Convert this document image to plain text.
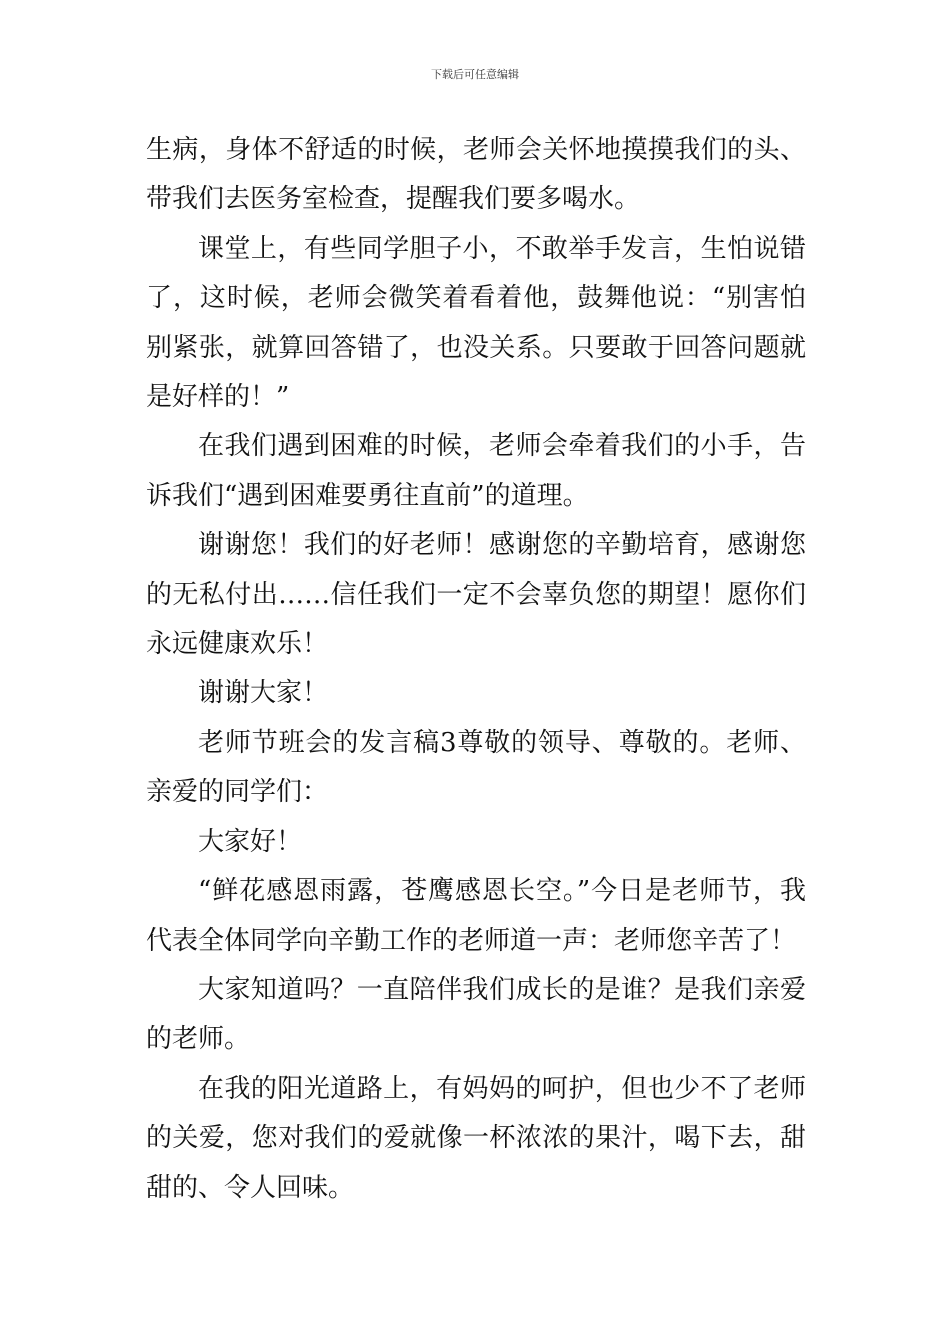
下载后可任意编辑

生病，身体不舒适的时候，老师会关怀地摸摸我们的头、带我们去医务室检查，提醒我们要多喝水。

课堂上，有些同学胆子小，不敢举手发言，生怕说错了，这时候，老师会微笑着看着他，鼓舞他说：“别害怕别紧张，就算回答错了，也没关系。只要敢于回答问题就是好样的！”

在我们遇到困难的时候，老师会牵着我们的小手，告诉我们“遇到困难要勇往直前”的道理。

谢谢您！我们的好老师！感谢您的辛勤培育，感谢您的无私付出……信任我们一定不会辜负您的期望！愿你们永远健康欢乐！

谢谢大家！

老师节班会的发言稿3尊敬的领导、尊敬的。老师、亲爱的同学们：

大家好！

“鲜花感恩雨露，苍鹰感恩长空。”今日是老师节，我代表全体同学向辛勤工作的老师道一声：老师您辛苦了！

大家知道吗？一直陪伴我们成长的是谁？是我们亲爱的老师。

在我的阳光道路上，有妈妈的呵护，但也少不了老师的关爱，您对我们的爱就像一杯浓浓的果汁，喝下去，甜甜的、令人回味。
